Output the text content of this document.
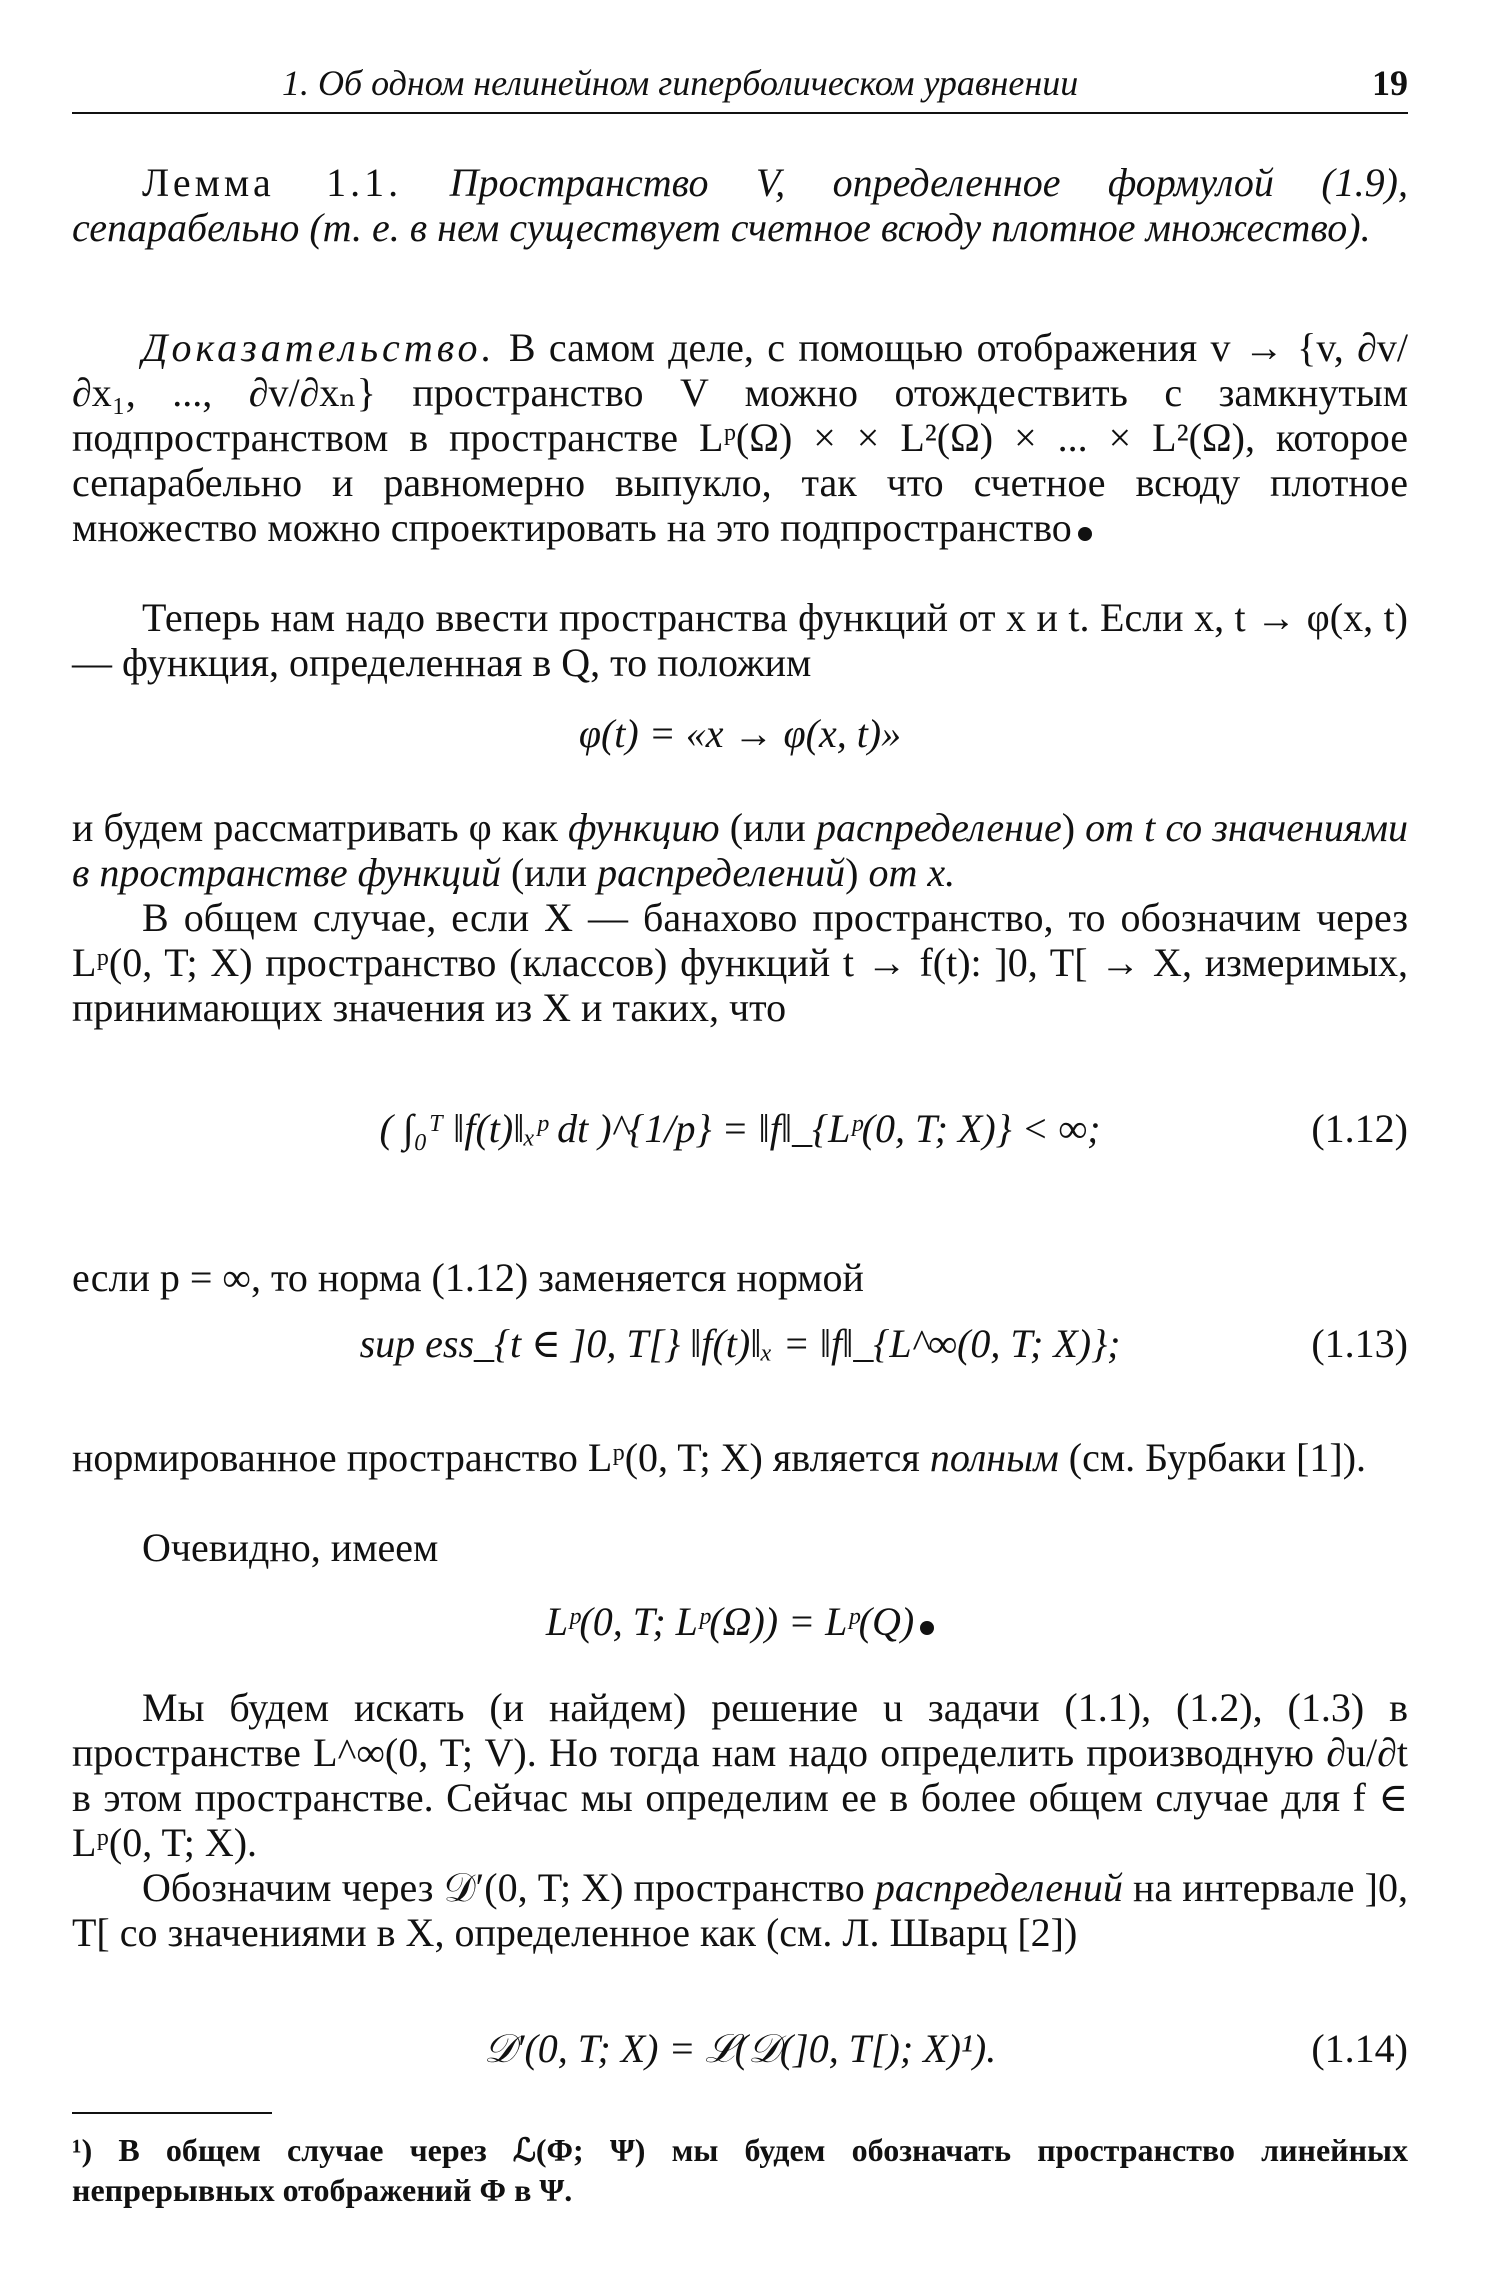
1. Об одном нелинейном гиперболическом уравнении	19

Лемма 1.1. Пространство V, определенное формулой (1.9), сепарабельно (т. е. в нем существует счетное всюду плотное множество).

Доказательство. В самом деле, с помощью отображения v → {v, ∂v/∂x₁, ..., ∂v/∂xₙ} пространство V можно отождествить с замкнутым подпространством в пространстве Lᵖ(Ω) × × L²(Ω) × ... × L²(Ω), которое сепарабельно и равномерно выпукло, так что счетное всюду плотное множество можно спроектировать на это подпространство

Теперь нам надо ввести пространства функций от x и t. Если x, t → φ(x, t) — функция, определенная в Q, то положим

φ(t) = «x → φ(x, t)»

и будем рассматривать φ как функцию (или распределение) от t со значениями в пространстве функций (или распределений) от x.

В общем случае, если X — банахово пространство, то обозначим через Lᵖ(0, T; X) пространство (классов) функций t → f(t): ]0, T[ → X, измеримых, принимающих значения из X и таких, что

( ∫₀ᵀ ‖f(t)‖ₓᵖ dt )^{1/p} = ‖f‖_{Lᵖ(0, T; X)} < ∞;	(1.12)

если p = ∞, то норма (1.12) заменяется нормой

sup ess_{t ∈ ]0, T[} ‖f(t)‖ₓ = ‖f‖_{L^∞(0, T; X)};	(1.13)

нормированное пространство Lᵖ(0, T; X) является полным (см. Бурбаки [1]).

Очевидно, имеем

Lᵖ(0, T; Lᵖ(Ω)) = Lᵖ(Q)

Мы будем искать (и найдем) решение u задачи (1.1), (1.2), (1.3) в пространстве L^∞(0, T; V). Но тогда нам надо определить производную ∂u/∂t в этом пространстве. Сейчас мы определим ее в более общем случае для f ∈ Lᵖ(0, T; X).

Обозначим через 𝒟′(0, T; X) пространство распределений на интервале ]0, T[ со значениями в X, определенное как (см. Л. Шварц [2])

𝒟′(0, T; X) = ℒ(𝒟(]0, T[); X)¹).	(1.14)
¹) В общем случае через ℒ(Φ; Ψ) мы будем обозначать пространство линейных непрерывных отображений Φ в Ψ.
